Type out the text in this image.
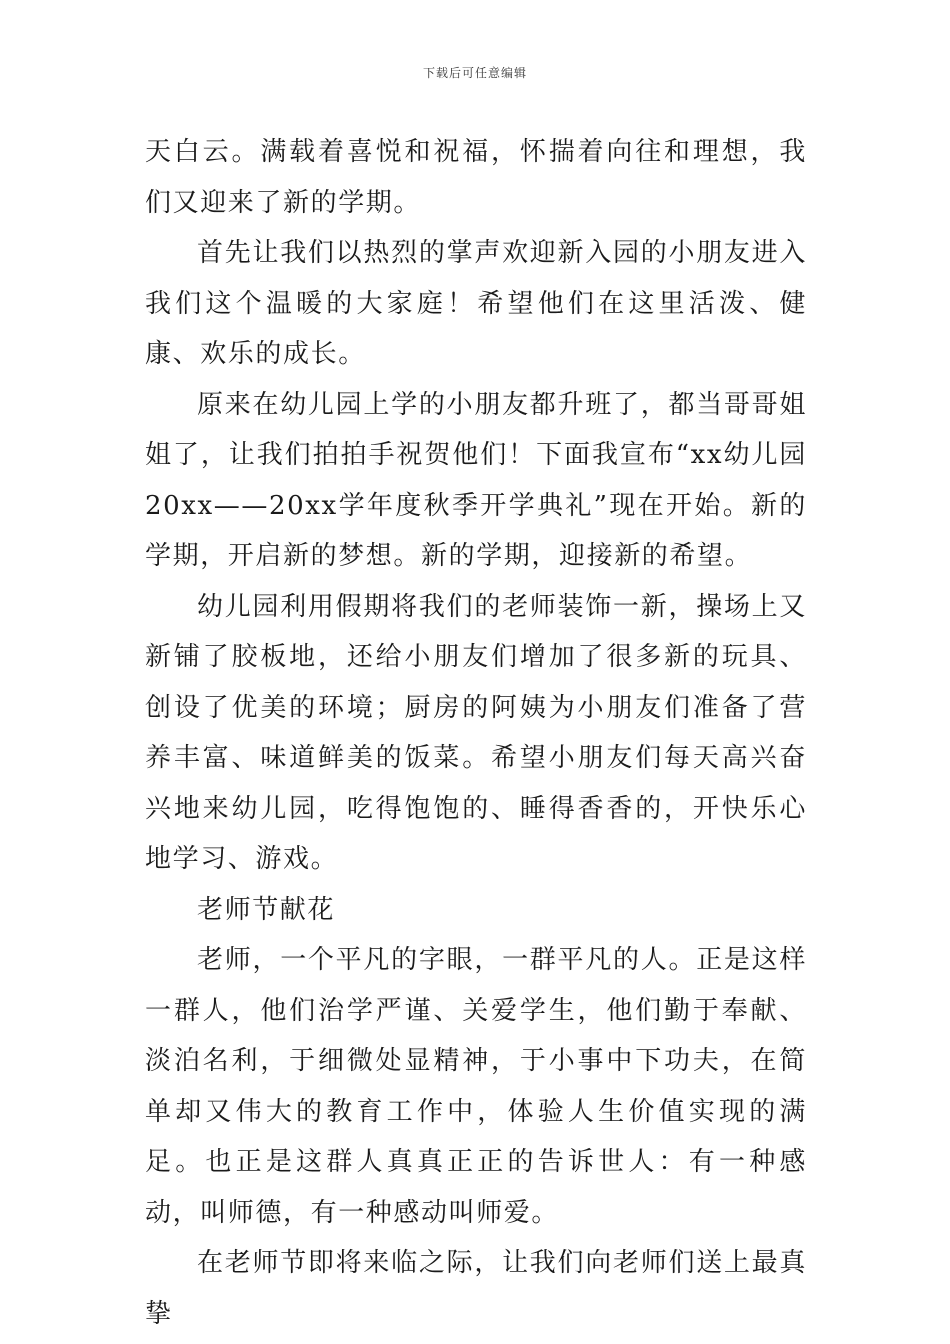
下载后可任意编辑

天白云。满载着喜悦和祝福，怀揣着向往和理想，我们又迎来了新的学期。

首先让我们以热烈的掌声欢迎新入园的小朋友进入我们这个温暖的大家庭！希望他们在这里活泼、健康、欢乐的成长。

原来在幼儿园上学的小朋友都升班了，都当哥哥姐姐了，让我们拍拍手祝贺他们！下面我宣布“xx幼儿园20xx——20xx学年度秋季开学典礼”现在开始。新的学期，开启新的梦想。新的学期，迎接新的希望。

幼儿园利用假期将我们的老师装饰一新，操场上又新铺了胶板地，还给小朋友们增加了很多新的玩具、创设了优美的环境；厨房的阿姨为小朋友们准备了营养丰富、味道鲜美的饭菜。希望小朋友们每天高兴奋兴地来幼儿园，吃得饱饱的、睡得香香的，开快乐心地学习、游戏。

老师节献花

老师，一个平凡的字眼，一群平凡的人。正是这样一群人，他们治学严谨、关爱学生，他们勤于奉献、淡泊名利，于细微处显精神，于小事中下功夫，在简单却又伟大的教育工作中，体验人生价值实现的满足。也正是这群人真真正正的告诉世人：有一种感动，叫师德，有一种感动叫师爱。

在老师节即将来临之际，让我们向老师们送上最真挚
